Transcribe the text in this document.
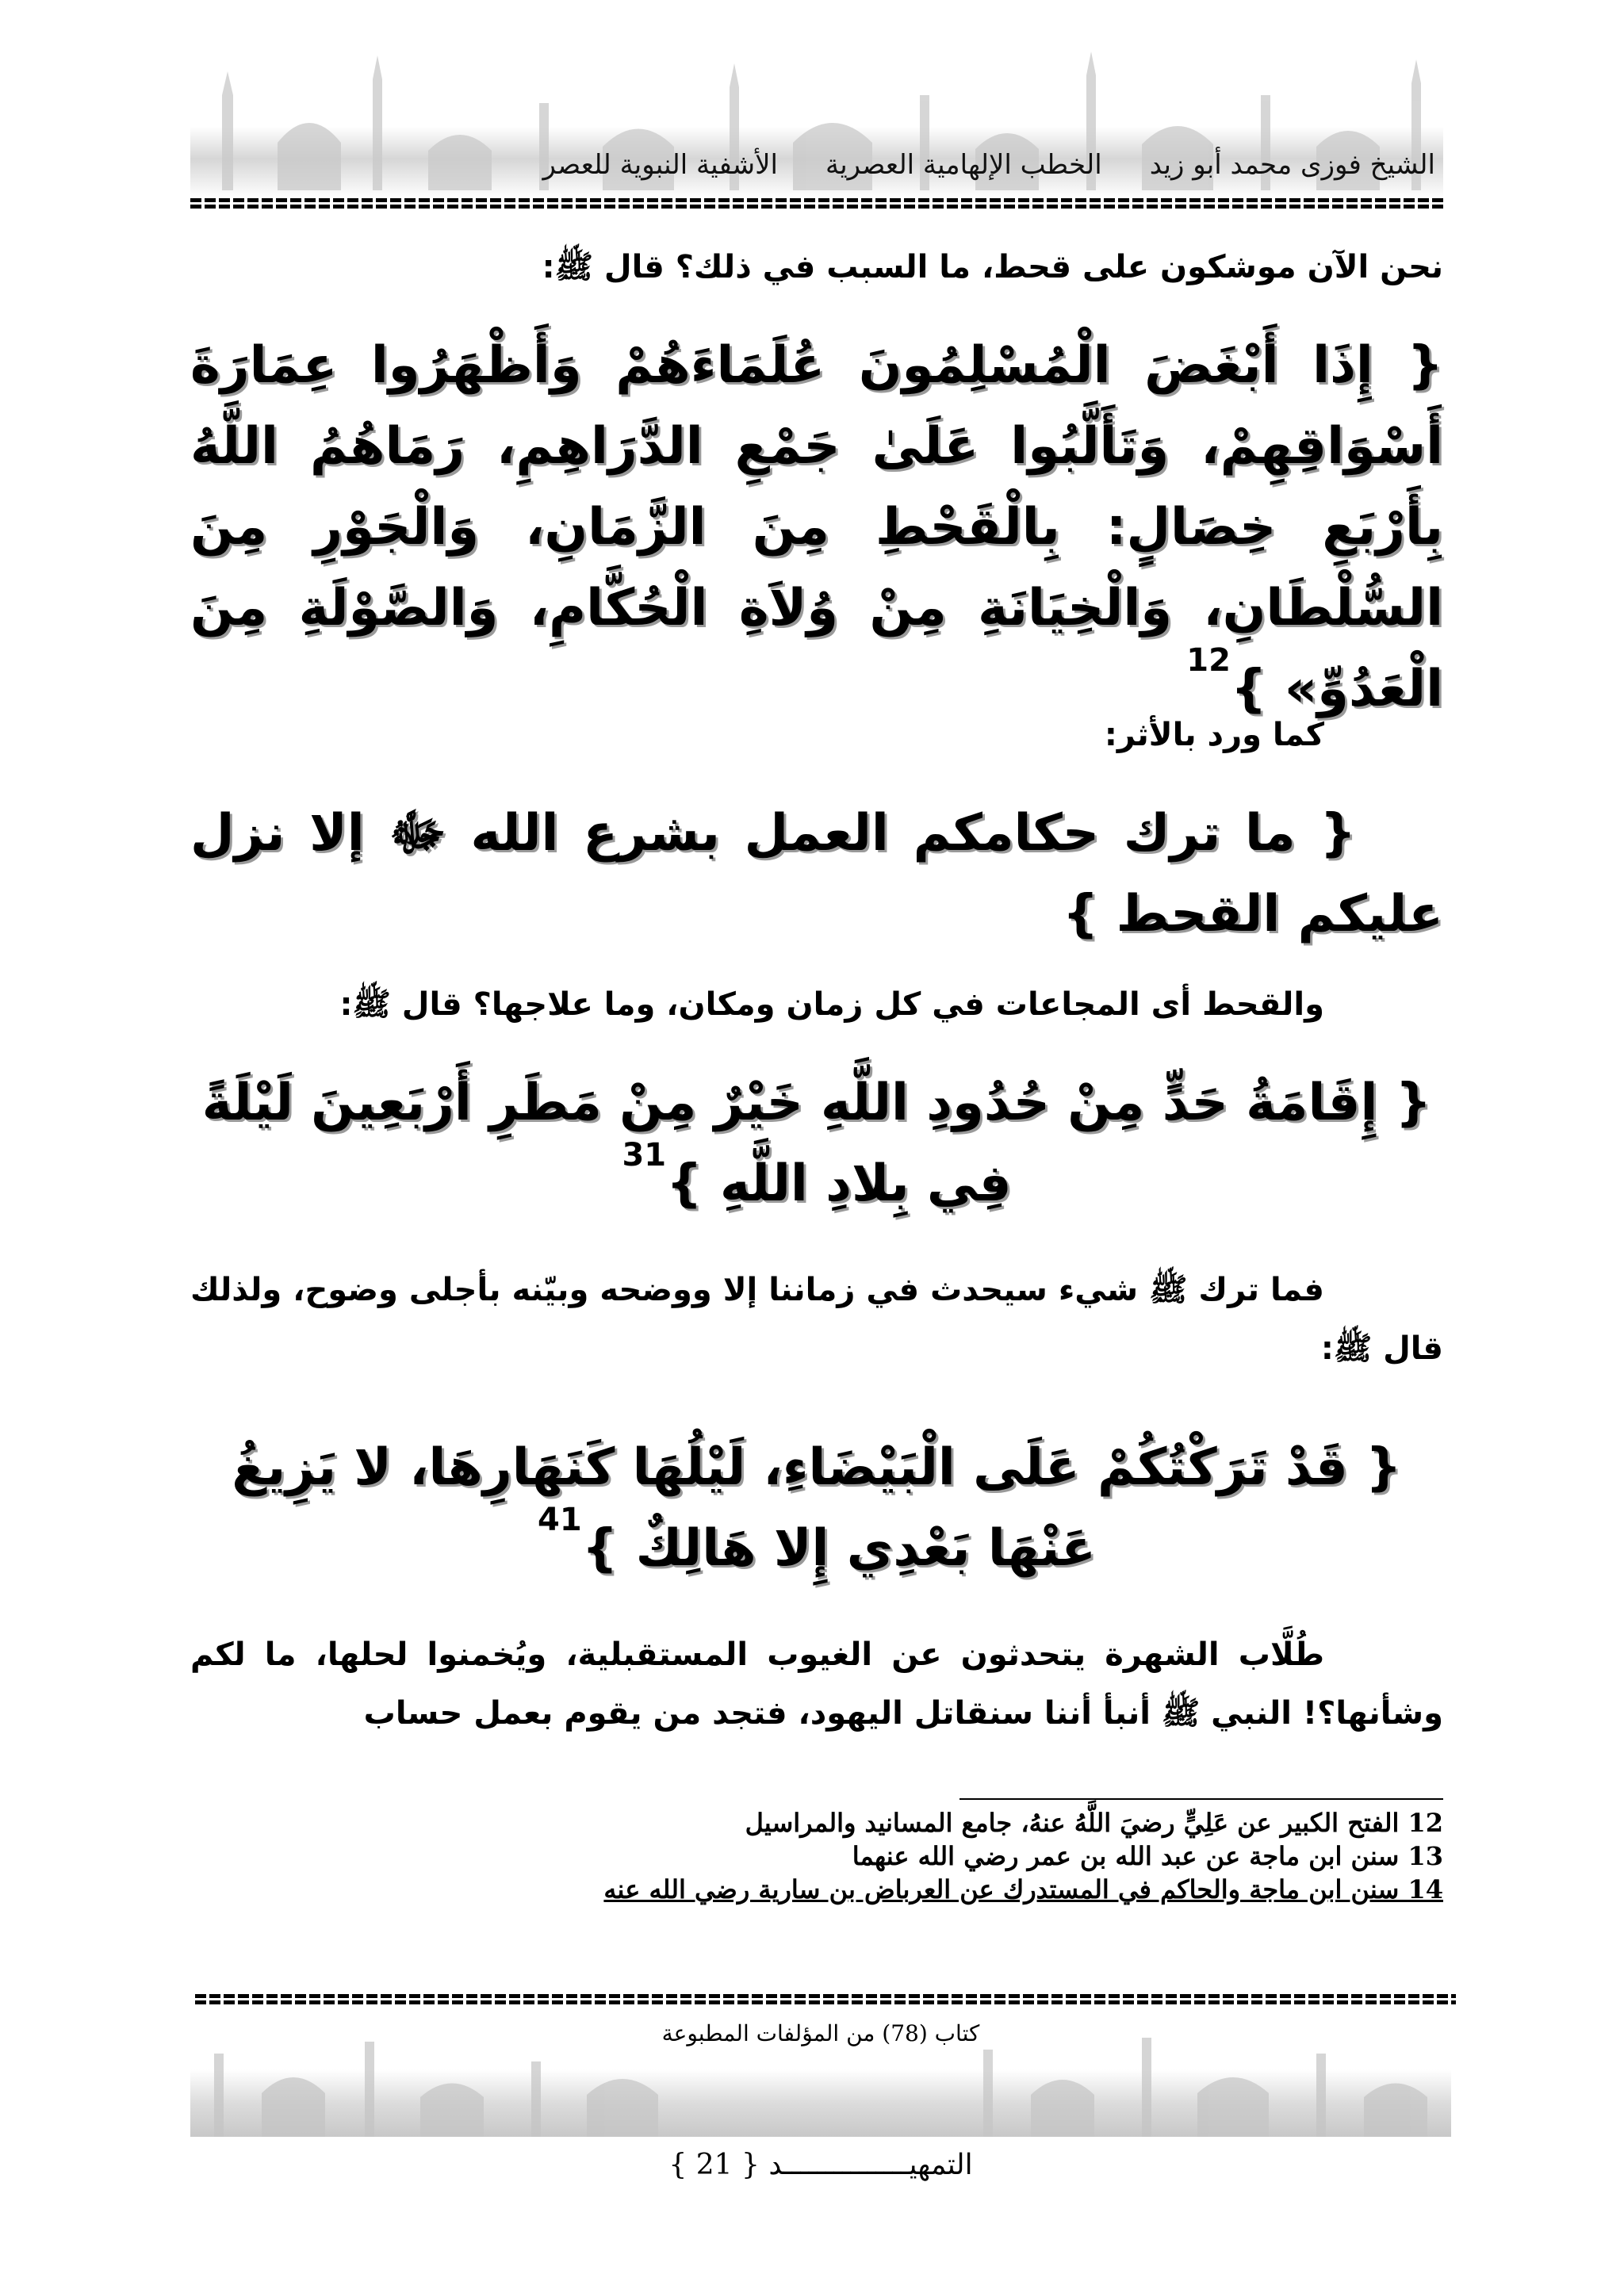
الشيخ فوزى محمد أبو زيد
الخطب الإلهامية العصرية
الأشفية النبوية للعصر

نحن الآن موشكون على قحط، ما السبب في ذلك؟ قال ﷺ:

{ إِذَا أَبْغَضَ الْمُسْلِمُونَ عُلَمَاءَهُمْ وَأَظْهَرُوا عِمَارَةَ أَسْوَاقِهِمْ، وَتَأَلَّبُوا عَلَىٰ جَمْعِ الدَّرَاهِمِ، رَمَاهُمُ اللَّهُ بِأَرْبَعِ خِصَالٍ: بِالْقَحْطِ مِنَ الزَّمَانِ، وَالْجَوْرِ مِنَ السُّلْطَانِ، وَالْخِيَانَةِ مِنْ وُلاَةِ الْحُكَّامِ، وَالصَّوْلَةِ مِنَ الْعَدُوِّ» }$^{12}$

كما ورد بالأثر:

{ ما ترك حكامكم العمل بشرع الله ﷻ إلا نزل عليكم القحط }

والقحط أى المجاعات في كل زمان ومكان، وما علاجها؟ قال ﷺ:

{ إِقَامَةُ حَدٍّ مِنْ حُدُودِ اللَّهِ خَيْرٌ مِنْ مَطَرِ أَرْبَعِينَ لَيْلَةً فِي بِلادِ اللَّهِ }$^{31}$

فما ترك ﷺ شيء سيحدث في زماننا إلا ووضحه وبيّنه بأجلى وضوح، ولذلك قال ﷺ:

{ قَدْ تَرَكْتُكُمْ عَلَى الْبَيْضَاءِ، لَيْلُهَا كَنَهَارِهَا، لا يَزِيغُ عَنْهَا بَعْدِي إِلا هَالِكٌ }$^{41}$

طُلَّاب الشهرة يتحدثون عن الغيوب المستقبلية، ويُخمنوا لحلها، ما لكم وشأنها؟! النبي ﷺ أنبأ أننا سنقاتل اليهود، فتجد من يقوم بعمل حساب

12 الفتح الكبير عن عَلِيٍّ رضيَ اللَّهُ عنهُ، جامع المسانيد والمراسيل

13 سنن ابن ماجة عن عبد الله بن عمر رضي الله عنهما

14 سنن ابن ماجة والحاكم في المستدرك عن العرباض بن سارية رضي الله عنه

كتاب (78) من المؤلفات المطبوعة
التمهيـــــــــــــــد { 21 }
